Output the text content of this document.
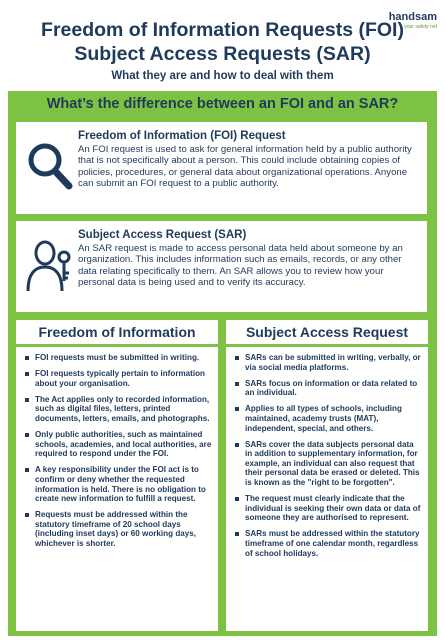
handsam
your safety net
Freedom of Information Requests (FOI)
Subject Access Requests (SAR)
What they are and how to deal with them
What’s the difference between an FOI and an SAR?
Freedom of Information (FOI) Request
An FOI request is used to ask for general information held by a public authority that is not specifically about a person. This could include obtaining copies of policies, procedures, or general data about organizational operations. Anyone can submit an FOI request to a public authority.
Subject Access Request (SAR)
An SAR request is made to access personal data held about someone by an organization. This includes information such as emails, records, or any other data relating specifically to them. An SAR allows you to review how your personal data is being used and to verify its accuracy.
Freedom of Information	Subject Access Request
FOI requests must be submitted in writing.
FOI requests typically pertain to information about your organisation.
The Act applies only to recorded information, such as digital files, letters, printed documents, letters, emails, and photographs.
Only public authorities, such as maintained schools, academies, and local authorities, are required to respond under the FOI.
A key responsibility under the FOI act is to confirm or deny whether the requested information is held. There is no obligation to create new information to fulfill a request.
Requests must be addressed within the statutory timeframe of 20 school days (including inset days) or 60 working days, whichever is shorter.
SARs can be submitted in writing, verbally, or via social media platforms.
SARs focus on information or data related to an individual.
Applies to all types of schools, including maintained, academy trusts (MAT), independent, special, and others.
SARs cover the data subjects personal data in addition to supplementary information, for example, an individual can also request that their personal data be erased or deleted. This is known as the "right to be forgotten".
The request must clearly indicate that the individual is seeking their own data or data of someone they are authorised to represent.
SARs must be addressed within the statutory timeframe of one calendar month, regardless of school holidays.
